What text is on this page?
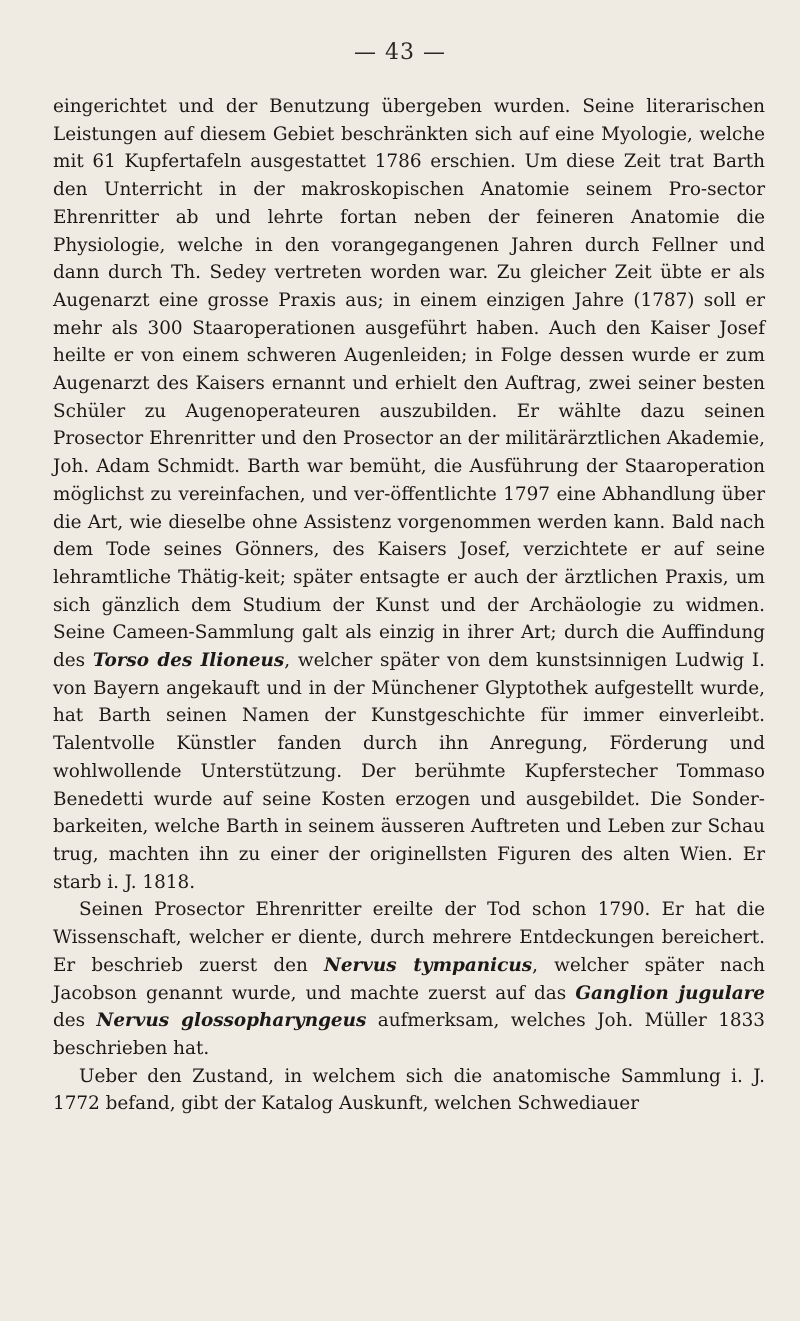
— 43 —

eingerichtet und der Benutzung übergeben wurden. Seine literarischen Leistungen auf diesem Gebiet beschränkten sich auf eine Myologie, welche mit 61 Kupfertafeln ausgestattet 1786 erschien. Um diese Zeit trat Barth den Unterricht in der makroskopischen Anatomie seinem Pro-sector Ehrenritter ab und lehrte fortan neben der feineren Anatomie die Physiologie, welche in den vorangegangenen Jahren durch Fellner und dann durch Th. Sedey vertreten worden war. Zu gleicher Zeit übte er als Augenarzt eine grosse Praxis aus; in einem einzigen Jahre (1787) soll er mehr als 300 Staaroperationen ausgeführt haben. Auch den Kaiser Josef heilte er von einem schweren Augenleiden; in Folge dessen wurde er zum Augenarzt des Kaisers ernannt und erhielt den Auftrag, zwei seiner besten Schüler zu Augenoperateuren auszubilden. Er wählte dazu seinen Prosector Ehrenritter und den Prosector an der militärärztlichen Akademie, Joh. Adam Schmidt. Barth war bemüht, die Ausführung der Staaroperation möglichst zu vereinfachen, und ver-öffentlichte 1797 eine Abhandlung über die Art, wie dieselbe ohne Assistenz vorgenommen werden kann. Bald nach dem Tode seines Gönners, des Kaisers Josef, verzichtete er auf seine lehramtliche Thätig-keit; später entsagte er auch der ärztlichen Praxis, um sich gänzlich dem Studium der Kunst und der Archäologie zu widmen. Seine Cameen-Sammlung galt als einzig in ihrer Art; durch die Auffindung des Torso des Ilioneus, welcher später von dem kunstsinnigen Ludwig I. von Bayern angekauft und in der Münchener Glyptothek aufgestellt wurde, hat Barth seinen Namen der Kunstgeschichte für immer einverleibt. Talentvolle Künstler fanden durch ihn Anregung, Förderung und wohlwollende Unterstützung. Der berühmte Kupferstecher Tommaso Benedetti wurde auf seine Kosten erzogen und ausgebildet. Die Sonder-barkeiten, welche Barth in seinem äusseren Auftreten und Leben zur Schau trug, machten ihn zu einer der originellsten Figuren des alten Wien. Er starb i. J. 1818.

Seinen Prosector Ehrenritter ereilte der Tod schon 1790. Er hat die Wissenschaft, welcher er diente, durch mehrere Entdeckungen bereichert. Er beschrieb zuerst den Nervus tympanicus, welcher später nach Jacobson genannt wurde, und machte zuerst auf das Ganglion jugulare des Nervus glossopharyngeus aufmerksam, welches Joh. Müller 1833 beschrieben hat.

Ueber den Zustand, in welchem sich die anatomische Sammlung i. J. 1772 befand, gibt der Katalog Auskunft, welchen Schwediauer
